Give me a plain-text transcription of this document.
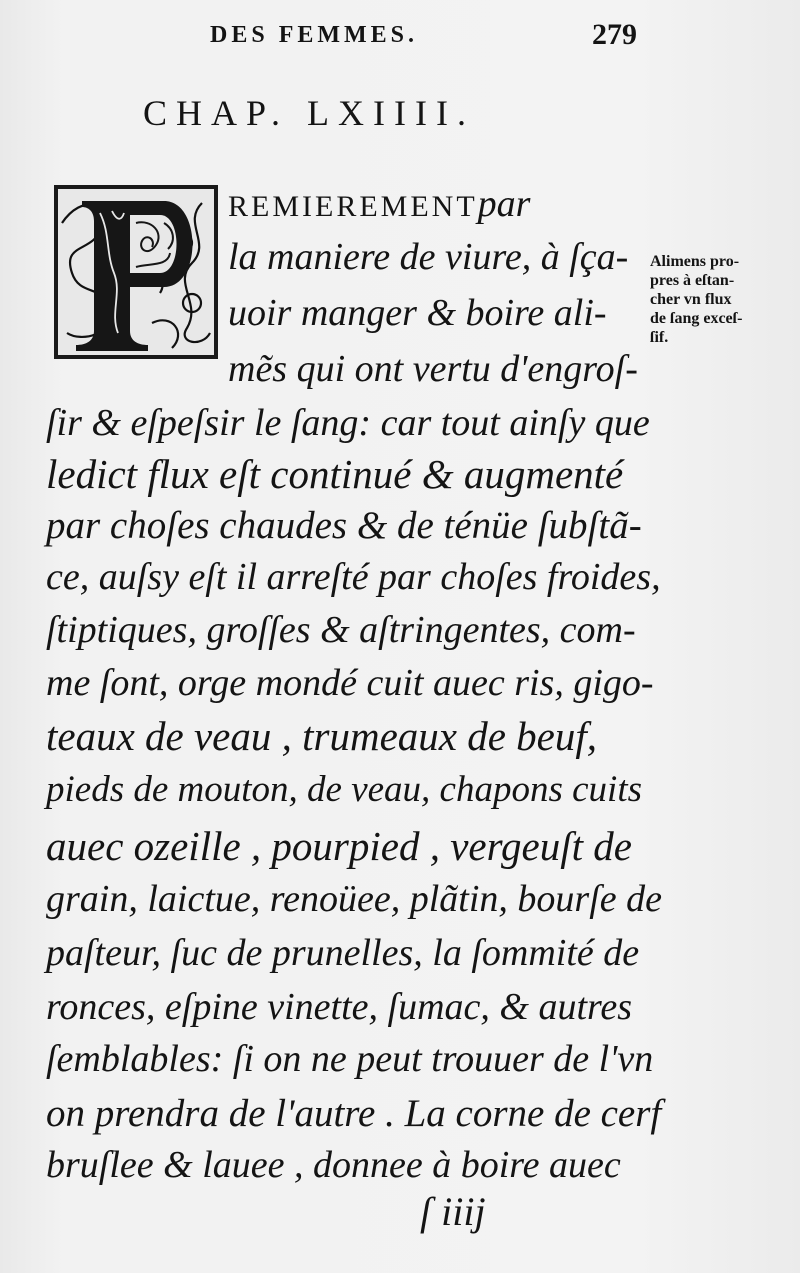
DES FEMMES.	279
CHAP. LXIIII.
REMIEREMENTpar
la maniere de viure, à ſça-
uoir manger & boire ali-
mẽs qui ont vertu d'engroſ-
ſir & eſpeſsir le ſang: car tout ainſy que
ledict flux eſt continué & augmenté
par choſes chaudes & de ténüe ſubſtã-
ce, auſsy eſt il arreſté par choſes froides,
ſtiptiques, groſſes & aſtringentes, com-
me ſont, orge mondé cuit auec ris, gigo-
teaux de veau , trumeaux de beuf,
pieds de mouton, de veau, chapons cuits
auec ozeille , pourpied , vergeuſt de
grain, laictue, renoüee, plãtin, bourſe de
paſteur, ſuc de prunelles, la ſommité de
ronces, eſpine vinette, ſumac, & autres
ſemblables: ſi on ne peut trouuer de l'vn
on prendra de l'autre . La corne de cerf
bruſlee & lauee , donnee à boire auec
Alimens pro-
pres à eſtan-
cher vn flux
de ſang exceſ-
ſif.
ſ iiij
